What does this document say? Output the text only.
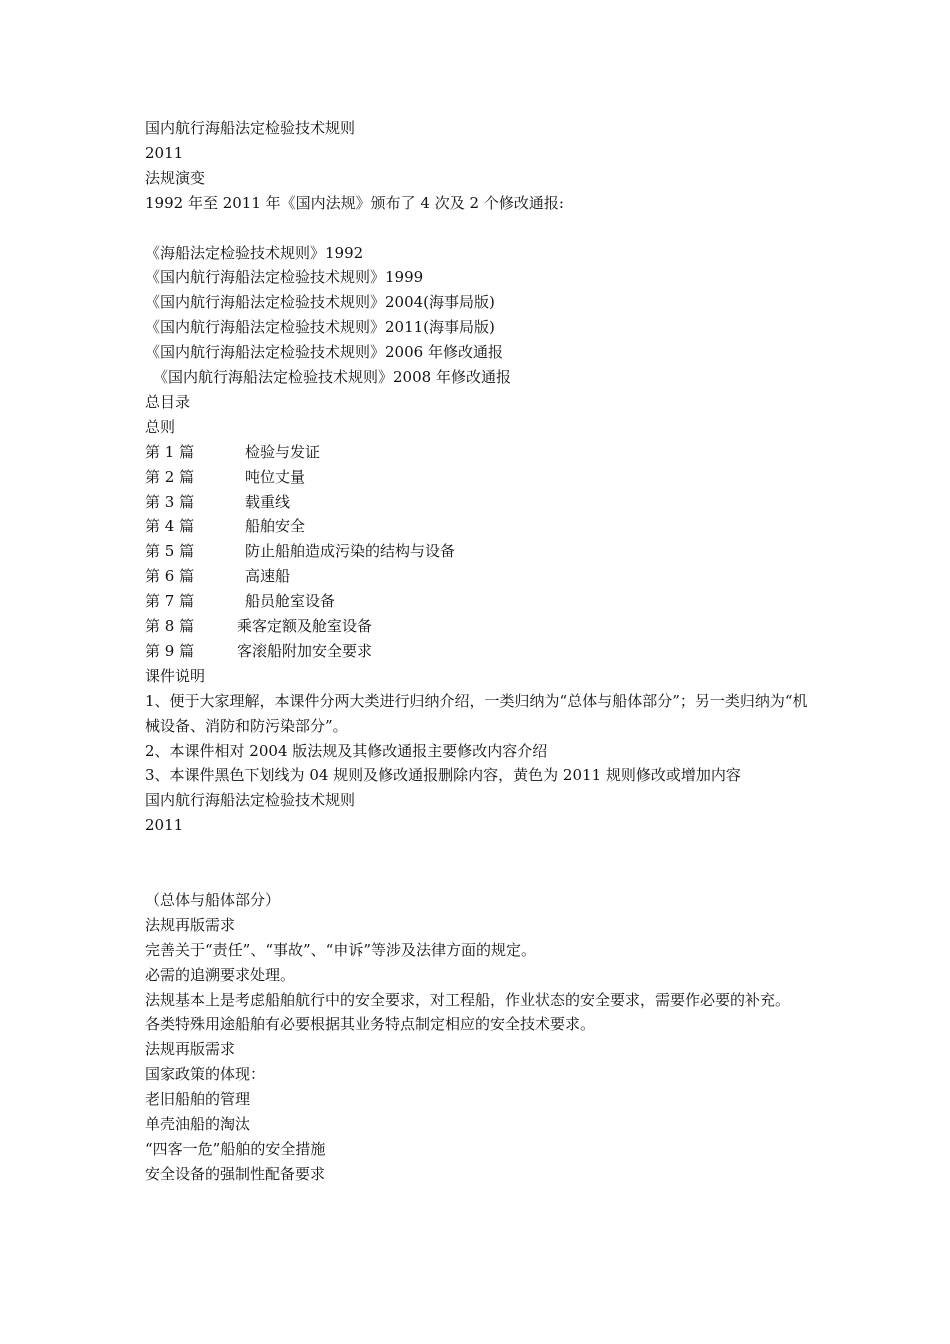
国内航行海船法定检验技术规则
2011
法规演变
1992 年至 2011 年《国内法规》颁布了 4 次及 2 个修改通报:
《海船法定检验技术规则》1992
《国内航行海船法定检验技术规则》1999
《国内航行海船法定检验技术规则》2004(海事局版)
《国内航行海船法定检验技术规则》2011(海事局版)
《国内航行海船法定检验技术规则》2006 年修改通报
《国内航行海船法定检验技术规则》2008 年修改通报
总目录
总则
第 1 篇	检验与发证
第 2 篇	吨位丈量
第 3 篇	载重线
第 4 篇	船舶安全
第 5 篇	防止船舶造成污染的结构与设备
第 6 篇	高速船
第 7 篇	船员舱室设备
第 8 篇	乘客定额及舱室设备
第 9 篇	客滚船附加安全要求
课件说明
1、便于大家理解，本课件分两大类进行归纳介绍，一类归纳为“总体与船体部分”；另一类归纳为“机械设备、消防和防污染部分”。
2、本课件相对 2004 版法规及其修改通报主要修改内容介绍
3、本课件黑色下划线为 04 规则及修改通报删除内容，黄色为 2011 规则修改或增加内容
国内航行海船法定检验技术规则
2011
（总体与船体部分）
法规再版需求
完善关于“责任”、“事故”、“申诉”等涉及法律方面的规定。
必需的追溯要求处理。
法规基本上是考虑船舶航行中的安全要求，对工程船，作业状态的安全要求，需要作必要的补充。
各类特殊用途船舶有必要根据其业务特点制定相应的安全技术要求。
法规再版需求
国家政策的体现：
老旧船舶的管理
单壳油船的淘汰
“四客一危”船舶的安全措施
安全设备的强制性配备要求
